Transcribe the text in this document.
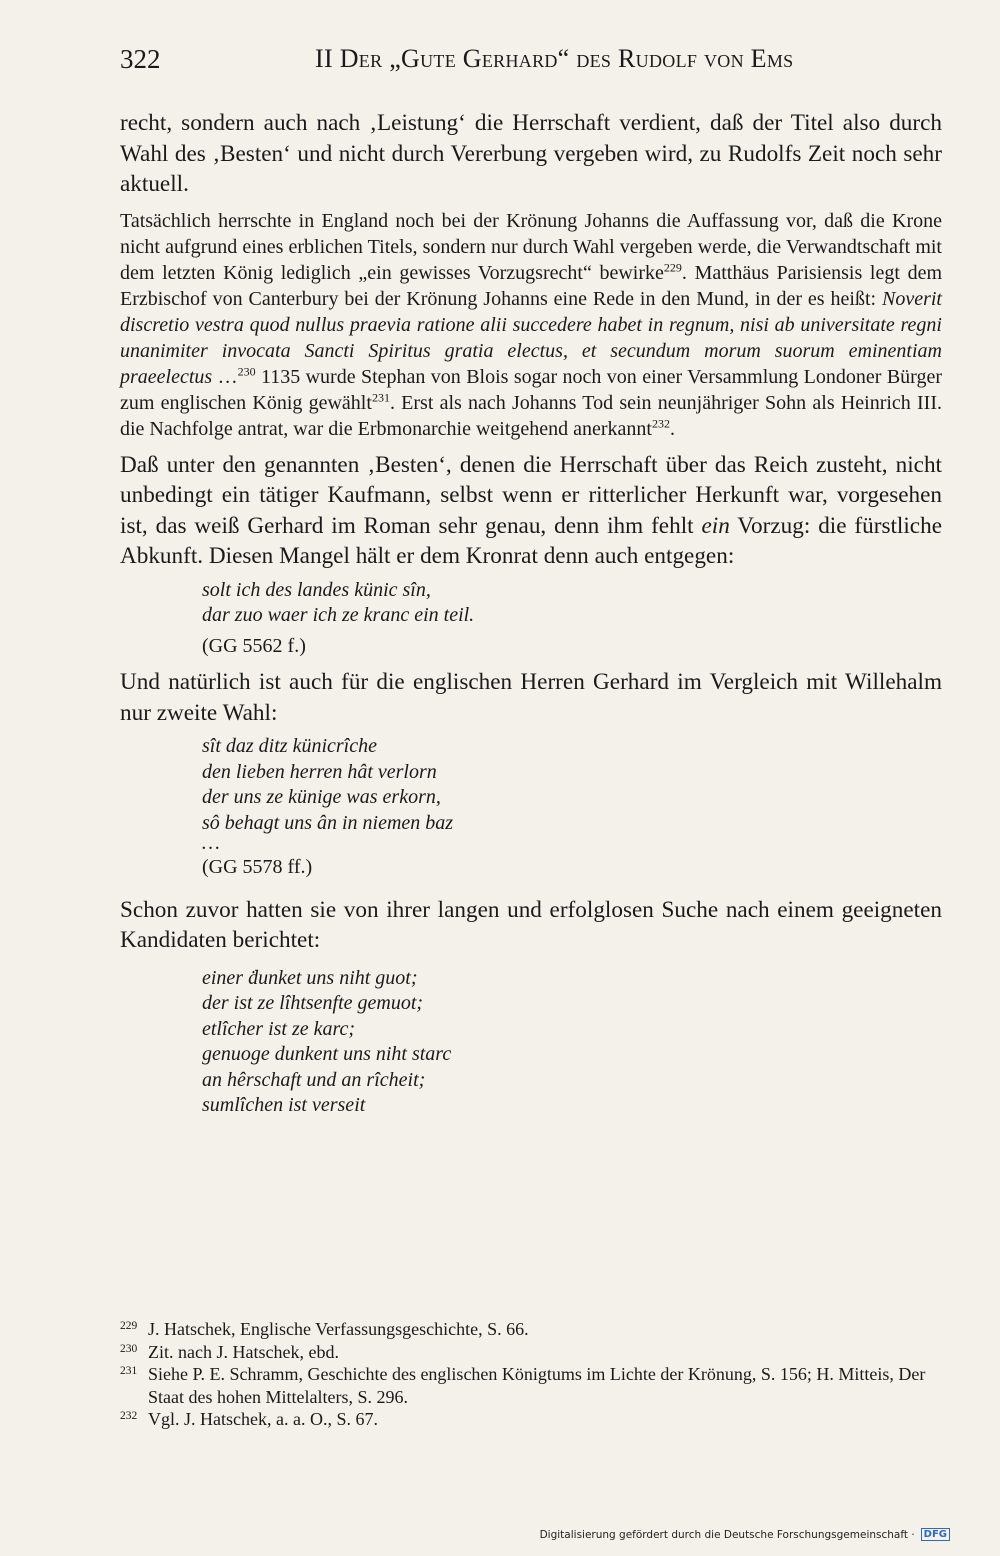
322	II Der „Gute Gerhard“ des Rudolf von Ems

recht, sondern auch nach ‚Leistung‘ die Herrschaft verdient, daß der Titel also durch Wahl des ‚Besten‘ und nicht durch Vererbung vergeben wird, zu Rudolfs Zeit noch sehr aktuell.

Tatsächlich herrschte in England noch bei der Krönung Johanns die Auffassung vor, daß die Krone nicht aufgrund eines erblichen Titels, sondern nur durch Wahl vergeben werde, die Verwandtschaft mit dem letzten König lediglich „ein gewisses Vorzugsrecht“ bewirke$^{229}$. Matthäus Parisiensis legt dem Erzbischof von Canterbury bei der Krönung Johanns eine Rede in den Mund, in der es heißt: Noverit discretio vestra quod nullus praevia ratione alii succedere habet in regnum, nisi ab universitate regni unanimiter invocata Sancti Spiritus gratia electus, et secundum morum suorum eminentiam praeelectus …$^{230}$ 1135 wurde Stephan von Blois sogar noch von einer Versammlung Londoner Bürger zum englischen König gewählt$^{231}$. Erst als nach Johanns Tod sein neunjähriger Sohn als Heinrich III. die Nachfolge antrat, war die Erbmonarchie weitgehend anerkannt$^{232}$.

Daß unter den genannten ‚Besten‘, denen die Herrschaft über das Reich zusteht, nicht unbedingt ein tätiger Kaufmann, selbst wenn er ritterlicher Herkunft war, vorgesehen ist, das weiß Gerhard im Roman sehr genau, denn ihm fehlt ein Vorzug: die fürstliche Abkunft. Diesen Mangel hält er dem Kronrat denn auch entgegen:

solt ich des landes künic sîn,
dar zuo waer ich ze kranc ein teil.
(GG 5562 f.)

Und natürlich ist auch für die englischen Herren Gerhard im Vergleich mit Willehalm nur zweite Wahl:

sît daz ditz künicrîche
den lieben herren hât verlorn
der uns ze künige was erkorn,
sô behagt uns ân in niemen baz
…
(GG 5578 ff.)

Schon zuvor hatten sie von ihrer langen und erfolglosen Suche nach einem geeigneten Kandidaten berichtet:

einer ḋunket uns niht guot;
der ist ze lîhtsenfte gemuot;
etlîcher ist ze karc;
genuoge dunkent uns niht starc
an hêrschaft und an rîcheit;
sumlîchen ist verseit
229 J. Hatschek, Englische Verfassungsgeschichte, S. 66.
230 Zit. nach J. Hatschek, ebd.
231 Siehe P. E. Schramm, Geschichte des englischen Königtums im Lichte der Krönung, S. 156; H. Mitteis, Der Staat des hohen Mittelalters, S. 296.
232 Vgl. J. Hatschek, a. a. O., S. 67.
Digitalisierung gefördert durch die Deutsche Forschungsgemeinschaft · DFG
